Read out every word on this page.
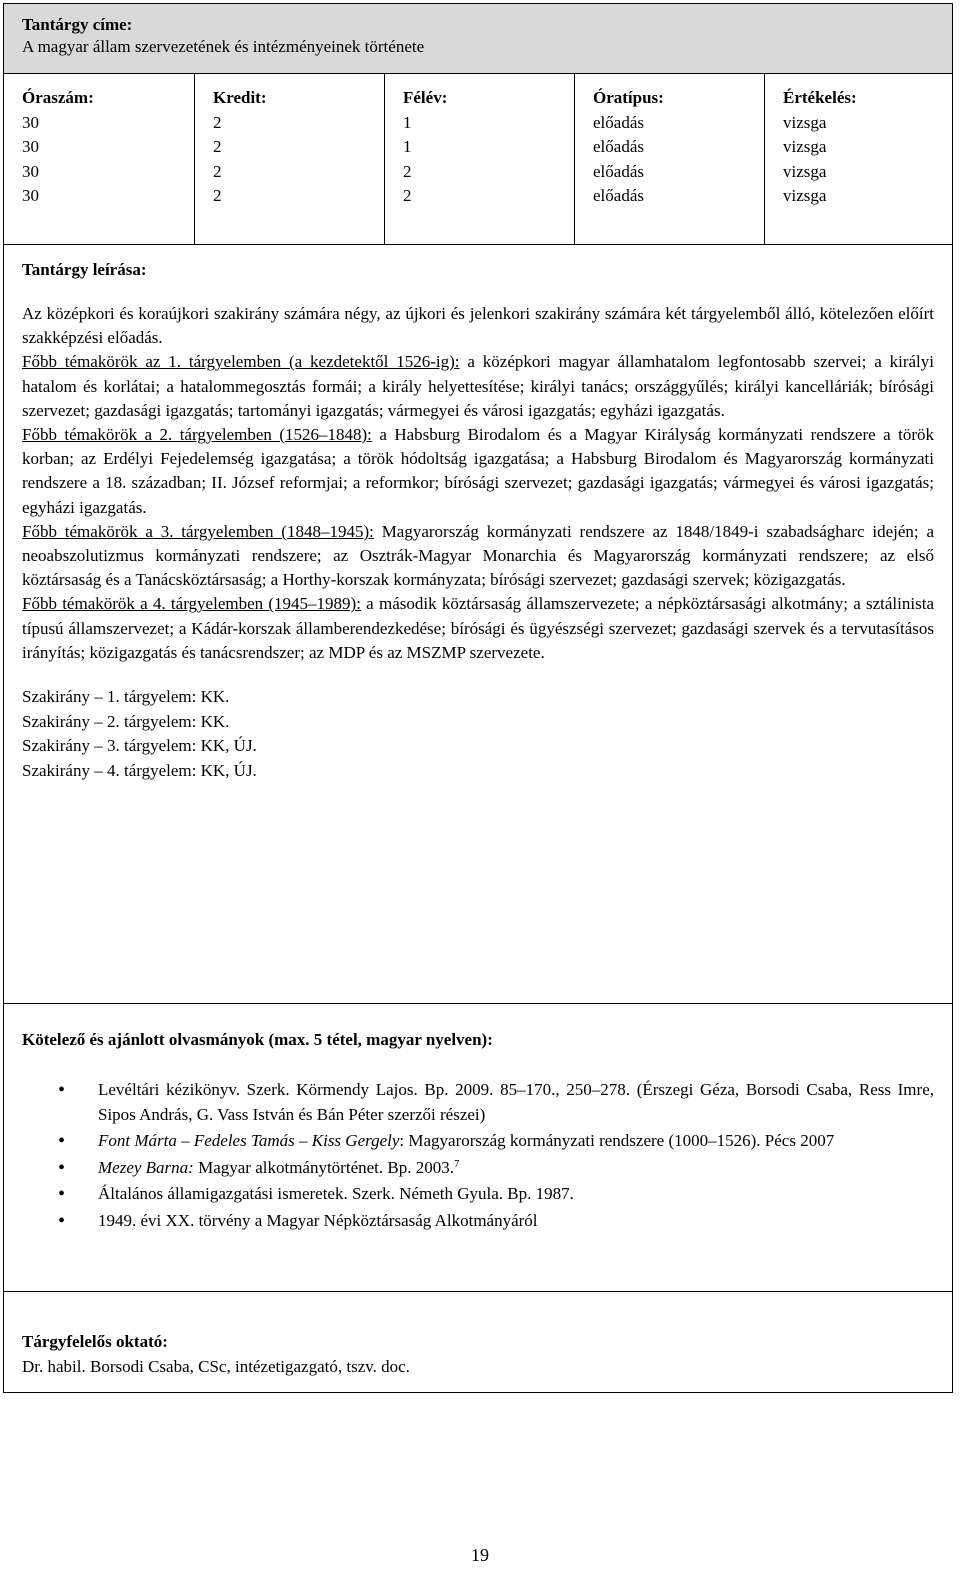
Tantárgy címe:
A magyar állam szervezetének és intézményeinek története
Óraszám:
30
30
30
30
Kredit:
2
2
2
2
Félév:
1
1
2
2
Óratípus:
előadás
előadás
előadás
előadás
Értékelés:
vizsga
vizsga
vizsga
vizsga
Tantárgy leírása:

Az középkori és koraújkori szakirány számára négy, az újkori és jelenkori szakirány számára két tárgyelemből álló, kötelezően előírt szakképzési előadás.

Főbb témakörök az 1. tárgyelemben (a kezdetektől 1526-ig): a középkori magyar államhatalom legfontosabb szervei; a királyi hatalom és korlátai; a hatalommegosztás formái; a király helyettesítése; királyi tanács; országgyűlés; királyi kancelláriák; bírósági szervezet; gazdasági igazgatás; tartományi igazgatás; vármegyei és városi igazgatás; egyházi igazgatás.

Főbb témakörök a 2. tárgyelemben (1526–1848): a Habsburg Birodalom és a Magyar Királyság kormányzati rendszere a török korban; az Erdélyi Fejedelemség igazgatása; a török hódoltság igazgatása; a Habsburg Birodalom és Magyarország kormányzati rendszere a 18. században; II. József reformjai; a reformkor; bírósági szervezet; gazdasági igazgatás; vármegyei és városi igazgatás; egyházi igazgatás.

Főbb témakörök a 3. tárgyelemben (1848–1945): Magyarország kormányzati rendszere az 1848/1849-i szabadságharc idején; a neoabszolutizmus kormányzati rendszere; az Osztrák-Magyar Monarchia és Magyarország kormányzati rendszere; az első köztársaság és a Tanácsköztársaság; a Horthy-korszak kormányzata; bírósági szervezet; gazdasági szervek; közigazgatás.

Főbb témakörök a 4. tárgyelemben (1945–1989): a második köztársaság államszervezete; a népköztársasági alkotmány; a sztálinista típusú államszervezet; a Kádár-korszak államberendezkedése; bírósági és ügyészségi szervezet; gazdasági szervek és a tervutasításos irányítás; közigazgatás és tanácsrendszer; az MDP és az MSZMP szervezete.

Szakirány – 1. tárgyelem: KK.
Szakirány – 2. tárgyelem: KK.
Szakirány – 3. tárgyelem: KK, ÚJ.
Szakirány – 4. tárgyelem: KK, ÚJ.
Kötelező és ajánlott olvasmányok (max. 5 tétel, magyar nyelven):
• Levéltári kézikönyv. Szerk. Körmendy Lajos. Bp. 2009. 85–170., 250–278. (Érszegi Géza, Borsodi Csaba, Ress Imre, Sipos András, G. Vass István és Bán Péter szerzői részei)
• Font Márta – Fedeles Tamás – Kiss Gergely: Magyarország kormányzati rendszere (1000–1526). Pécs 2007
• Mezey Barna: Magyar alkotmánytörténet. Bp. 2003.$^7$
• Általános államigazgatási ismeretek. Szerk. Németh Gyula. Bp. 1987.
• 1949. évi XX. törvény a Magyar Népköztársaság Alkotmányáról
Tárgyfelelős oktató:
Dr. habil. Borsodi Csaba, CSc, intézetigazgató, tszv. doc.
19
